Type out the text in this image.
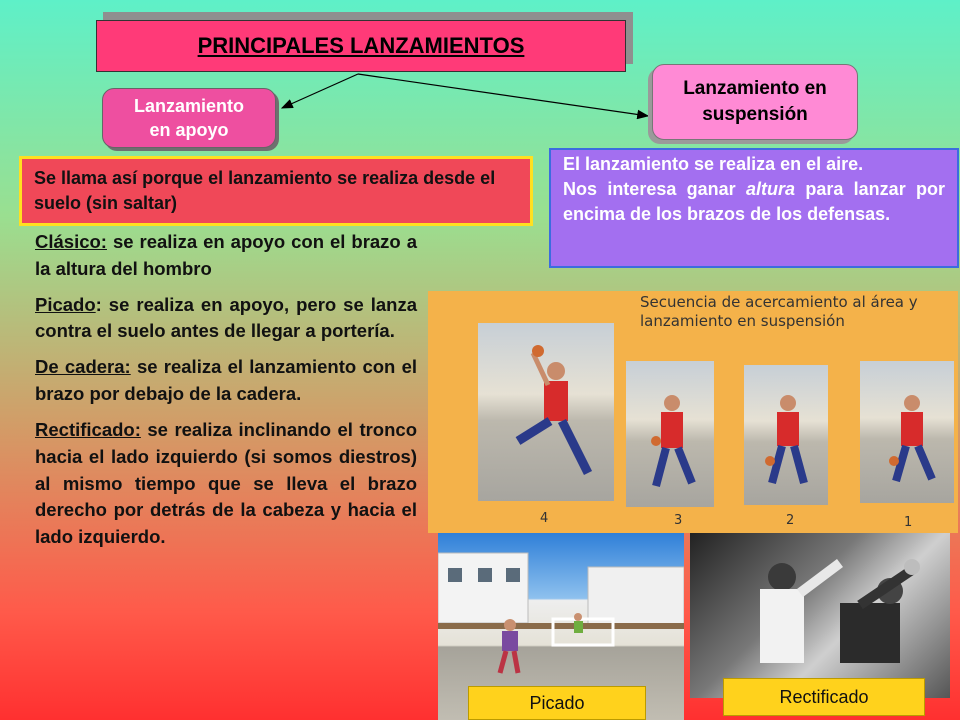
PRINCIPALES LANZAMIENTOS
Lanzamiento en apoyo
Lanzamiento en suspensión
Se llama así porque el lanzamiento se realiza desde el suelo (sin saltar)

El lanzamiento se realiza en el aire.

Nos interesa ganar altura para lanzar por encima de los brazos de los defensas.

Clásico: se realiza en apoyo con el brazo a la altura del hombro

Picado: se realiza en apoyo, pero se lanza contra el suelo antes de llegar a portería.

De cadera: se realiza el lanzamiento con el brazo por debajo de la cadera.

Rectificado: se realiza inclinando el tronco hacia el lado izquierdo (si somos diestros) al mismo tiempo que se lleva el brazo derecho por detrás de la cabeza y hacia el lado izquierdo.

Secuencia de acercamiento al área y lanzamiento en suspensión
4	3	2	1
Picado	Rectificado
